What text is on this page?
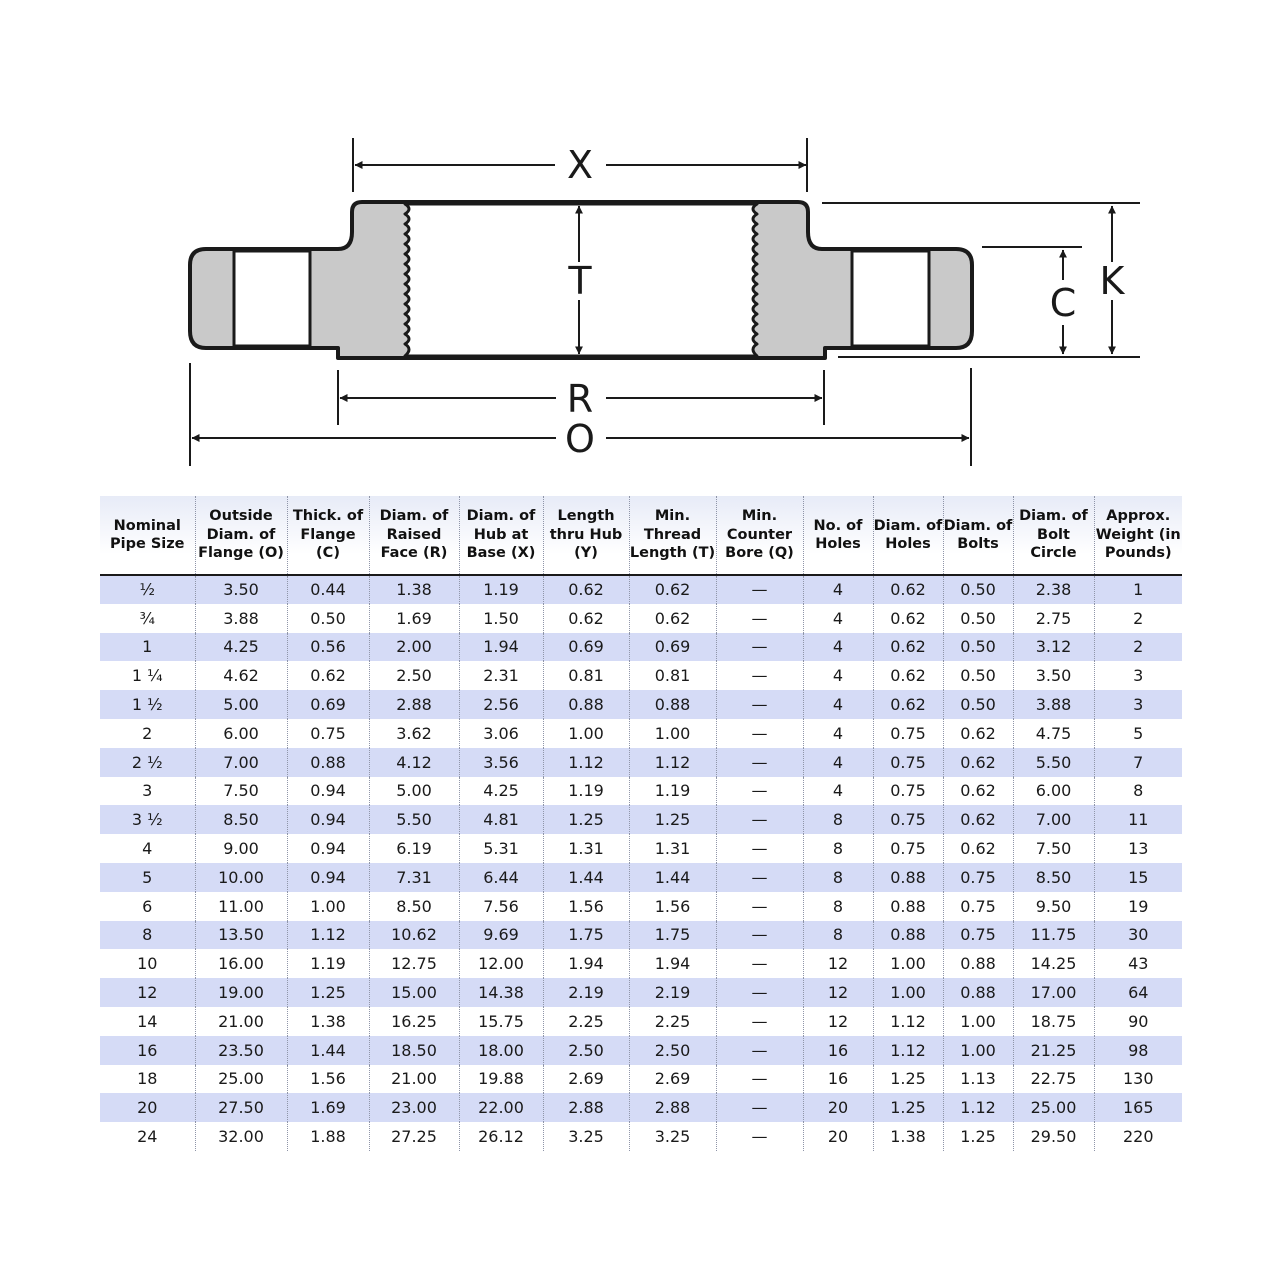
X
T	K
C
R
O
Nominal Pipe Size	Outside Diam. of Flange (O)	Thick. of Flange (C)	Diam. of Raised Face (R)	Diam. of Hub at Base (X)	Length thru Hub (Y)	Min. Thread Length (T)	Min. Counter Bore (Q)	No. of Holes	Diam. of Holes	Diam. of Bolts	Diam. of Bolt Circle	Approx. Weight (in Pounds)
½	3.50	0.44	1.38	1.19	0.62	0.62	—	4	0.62	0.50	2.38	1
¾	3.88	0.50	1.69	1.50	0.62	0.62	—	4	0.62	0.50	2.75	2
1	4.25	0.56	2.00	1.94	0.69	0.69	—	4	0.62	0.50	3.12	2
1 ¼	4.62	0.62	2.50	2.31	0.81	0.81	—	4	0.62	0.50	3.50	3
1 ½	5.00	0.69	2.88	2.56	0.88	0.88	—	4	0.62	0.50	3.88	3
2	6.00	0.75	3.62	3.06	1.00	1.00	—	4	0.75	0.62	4.75	5
2 ½	7.00	0.88	4.12	3.56	1.12	1.12	—	4	0.75	0.62	5.50	7
3	7.50	0.94	5.00	4.25	1.19	1.19	—	4	0.75	0.62	6.00	8
3 ½	8.50	0.94	5.50	4.81	1.25	1.25	—	8	0.75	0.62	7.00	11
4	9.00	0.94	6.19	5.31	1.31	1.31	—	8	0.75	0.62	7.50	13
5	10.00	0.94	7.31	6.44	1.44	1.44	—	8	0.88	0.75	8.50	15
6	11.00	1.00	8.50	7.56	1.56	1.56	—	8	0.88	0.75	9.50	19
8	13.50	1.12	10.62	9.69	1.75	1.75	—	8	0.88	0.75	11.75	30
10	16.00	1.19	12.75	12.00	1.94	1.94	—	12	1.00	0.88	14.25	43
12	19.00	1.25	15.00	14.38	2.19	2.19	—	12	1.00	0.88	17.00	64
14	21.00	1.38	16.25	15.75	2.25	2.25	—	12	1.12	1.00	18.75	90
16	23.50	1.44	18.50	18.00	2.50	2.50	—	16	1.12	1.00	21.25	98
18	25.00	1.56	21.00	19.88	2.69	2.69	—	16	1.25	1.13	22.75	130
20	27.50	1.69	23.00	22.00	2.88	2.88	—	20	1.25	1.12	25.00	165
24	32.00	1.88	27.25	26.12	3.25	3.25	—	20	1.38	1.25	29.50	220
